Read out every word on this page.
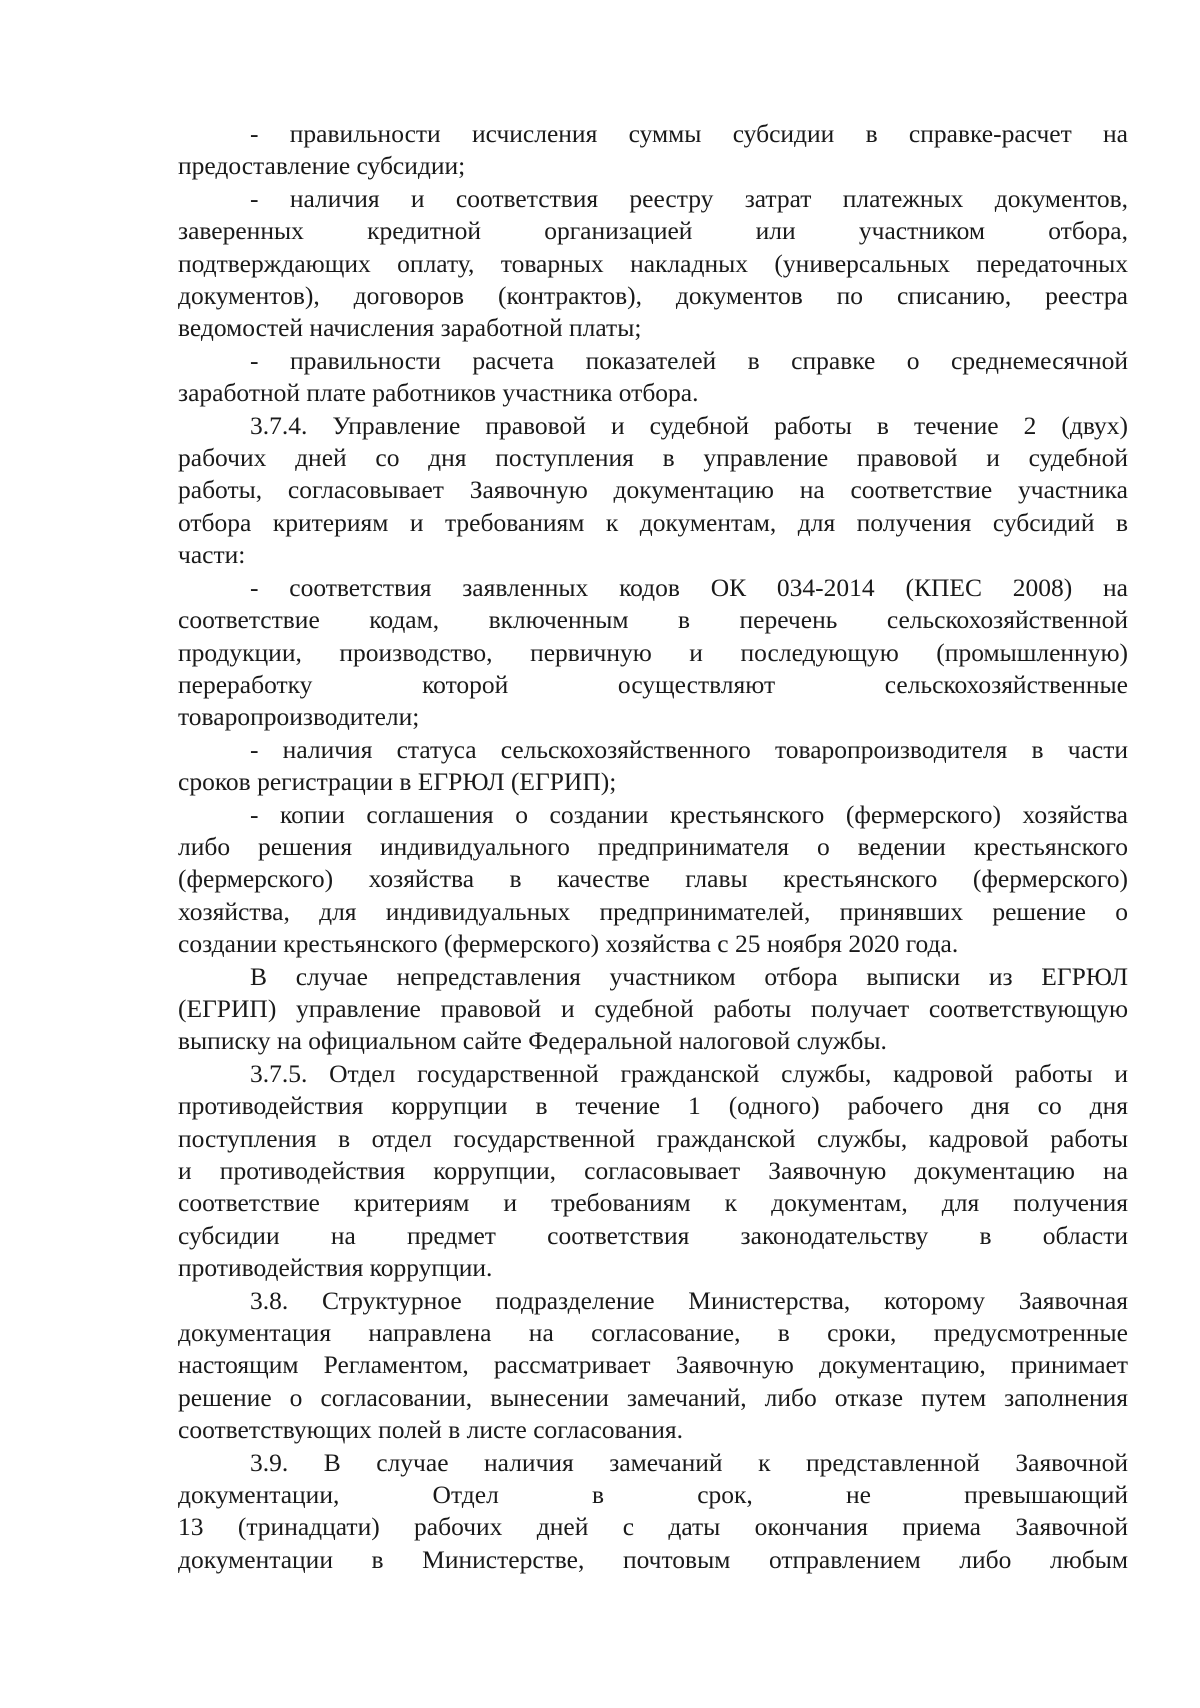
- правильности исчисления суммы субсидии в справке-расчет на
предоставление субсидии;
- наличия и соответствия реестру затрат платежных документов,
заверенных кредитной организацией или участником отбора,
подтверждающих оплату, товарных накладных (универсальных передаточных
документов), договоров (контрактов), документов по списанию, реестра
ведомостей начисления заработной платы;
- правильности расчета показателей в справке о среднемесячной
заработной плате работников участника отбора.
3.7.4. Управление правовой и судебной работы в течение 2 (двух)
рабочих дней со дня поступления в управление правовой и судебной
работы, согласовывает Заявочную документацию на соответствие участника
отбора критериям и требованиям к документам, для получения субсидий в
части:
- соответствия заявленных кодов ОК 034-2014 (КПЕС 2008) на
соответствие кодам, включенным в перечень сельскохозяйственной
продукции, производство, первичную и последующую (промышленную)
переработку которой осуществляют сельскохозяйственные
товаропроизводители;
- наличия статуса сельскохозяйственного товаропроизводителя в части
сроков регистрации в ЕГРЮЛ (ЕГРИП);
- копии соглашения о создании крестьянского (фермерского) хозяйства
либо решения индивидуального предпринимателя о ведении крестьянского
(фермерского) хозяйства в качестве главы крестьянского (фермерского)
хозяйства, для индивидуальных предпринимателей, принявших решение о
создании крестьянского (фермерского) хозяйства с 25 ноября 2020 года.
В случае непредставления участником отбора выписки из ЕГРЮЛ
(ЕГРИП) управление правовой и судебной работы получает соответствующую
выписку на официальном сайте Федеральной налоговой службы.
3.7.5. Отдел государственной гражданской службы, кадровой работы и
противодействия коррупции в течение 1 (одного) рабочего дня со дня
поступления в отдел государственной гражданской службы, кадровой работы
и противодействия коррупции, согласовывает Заявочную документацию на
соответствие критериям и требованиям к документам, для получения
субсидии на предмет соответствия законодательству в области
противодействия коррупции.
3.8. Структурное подразделение Министерства, которому Заявочная
документация направлена на согласование, в сроки, предусмотренные
настоящим Регламентом, рассматривает Заявочную документацию, принимает
решение о согласовании, вынесении замечаний, либо отказе путем заполнения
соответствующих полей в листе согласования.
3.9. В случае наличия замечаний к представленной Заявочной
документации, Отдел в срок, не превышающий
13 (тринадцати) рабочих дней с даты окончания приема Заявочной
документации в Министерстве, почтовым отправлением либо любым
